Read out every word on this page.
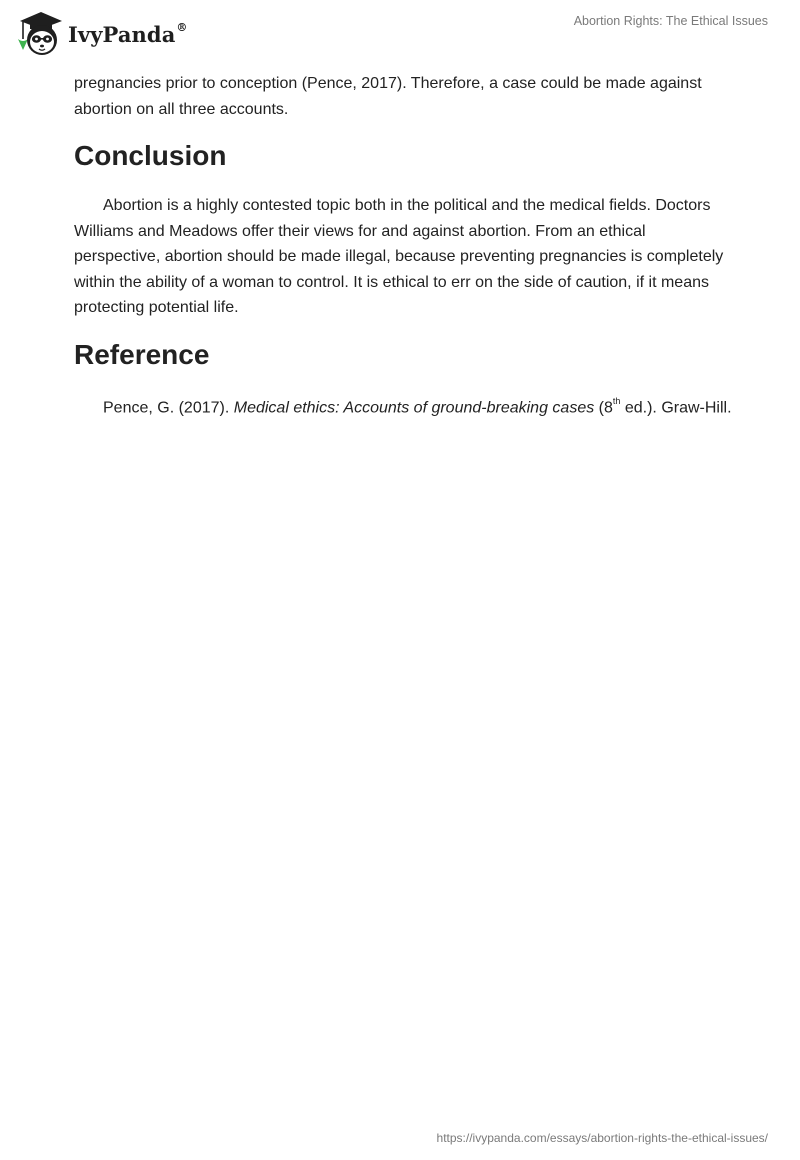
IvyPanda®	Abortion Rights: The Ethical Issues

pregnancies prior to conception (Pence, 2017). Therefore, a case could be made against abortion on all three accounts.

Conclusion

Abortion is a highly contested topic both in the political and the medical fields. Doctors Williams and Meadows offer their views for and against abortion. From an ethical perspective, abortion should be made illegal, because preventing pregnancies is completely within the ability of a woman to control. It is ethical to err on the side of caution, if it means protecting potential life.

Reference

Pence, G. (2017). Medical ethics: Accounts of ground-breaking cases (8th ed.). Graw-Hill.

https://ivypanda.com/essays/abortion-rights-the-ethical-issues/
